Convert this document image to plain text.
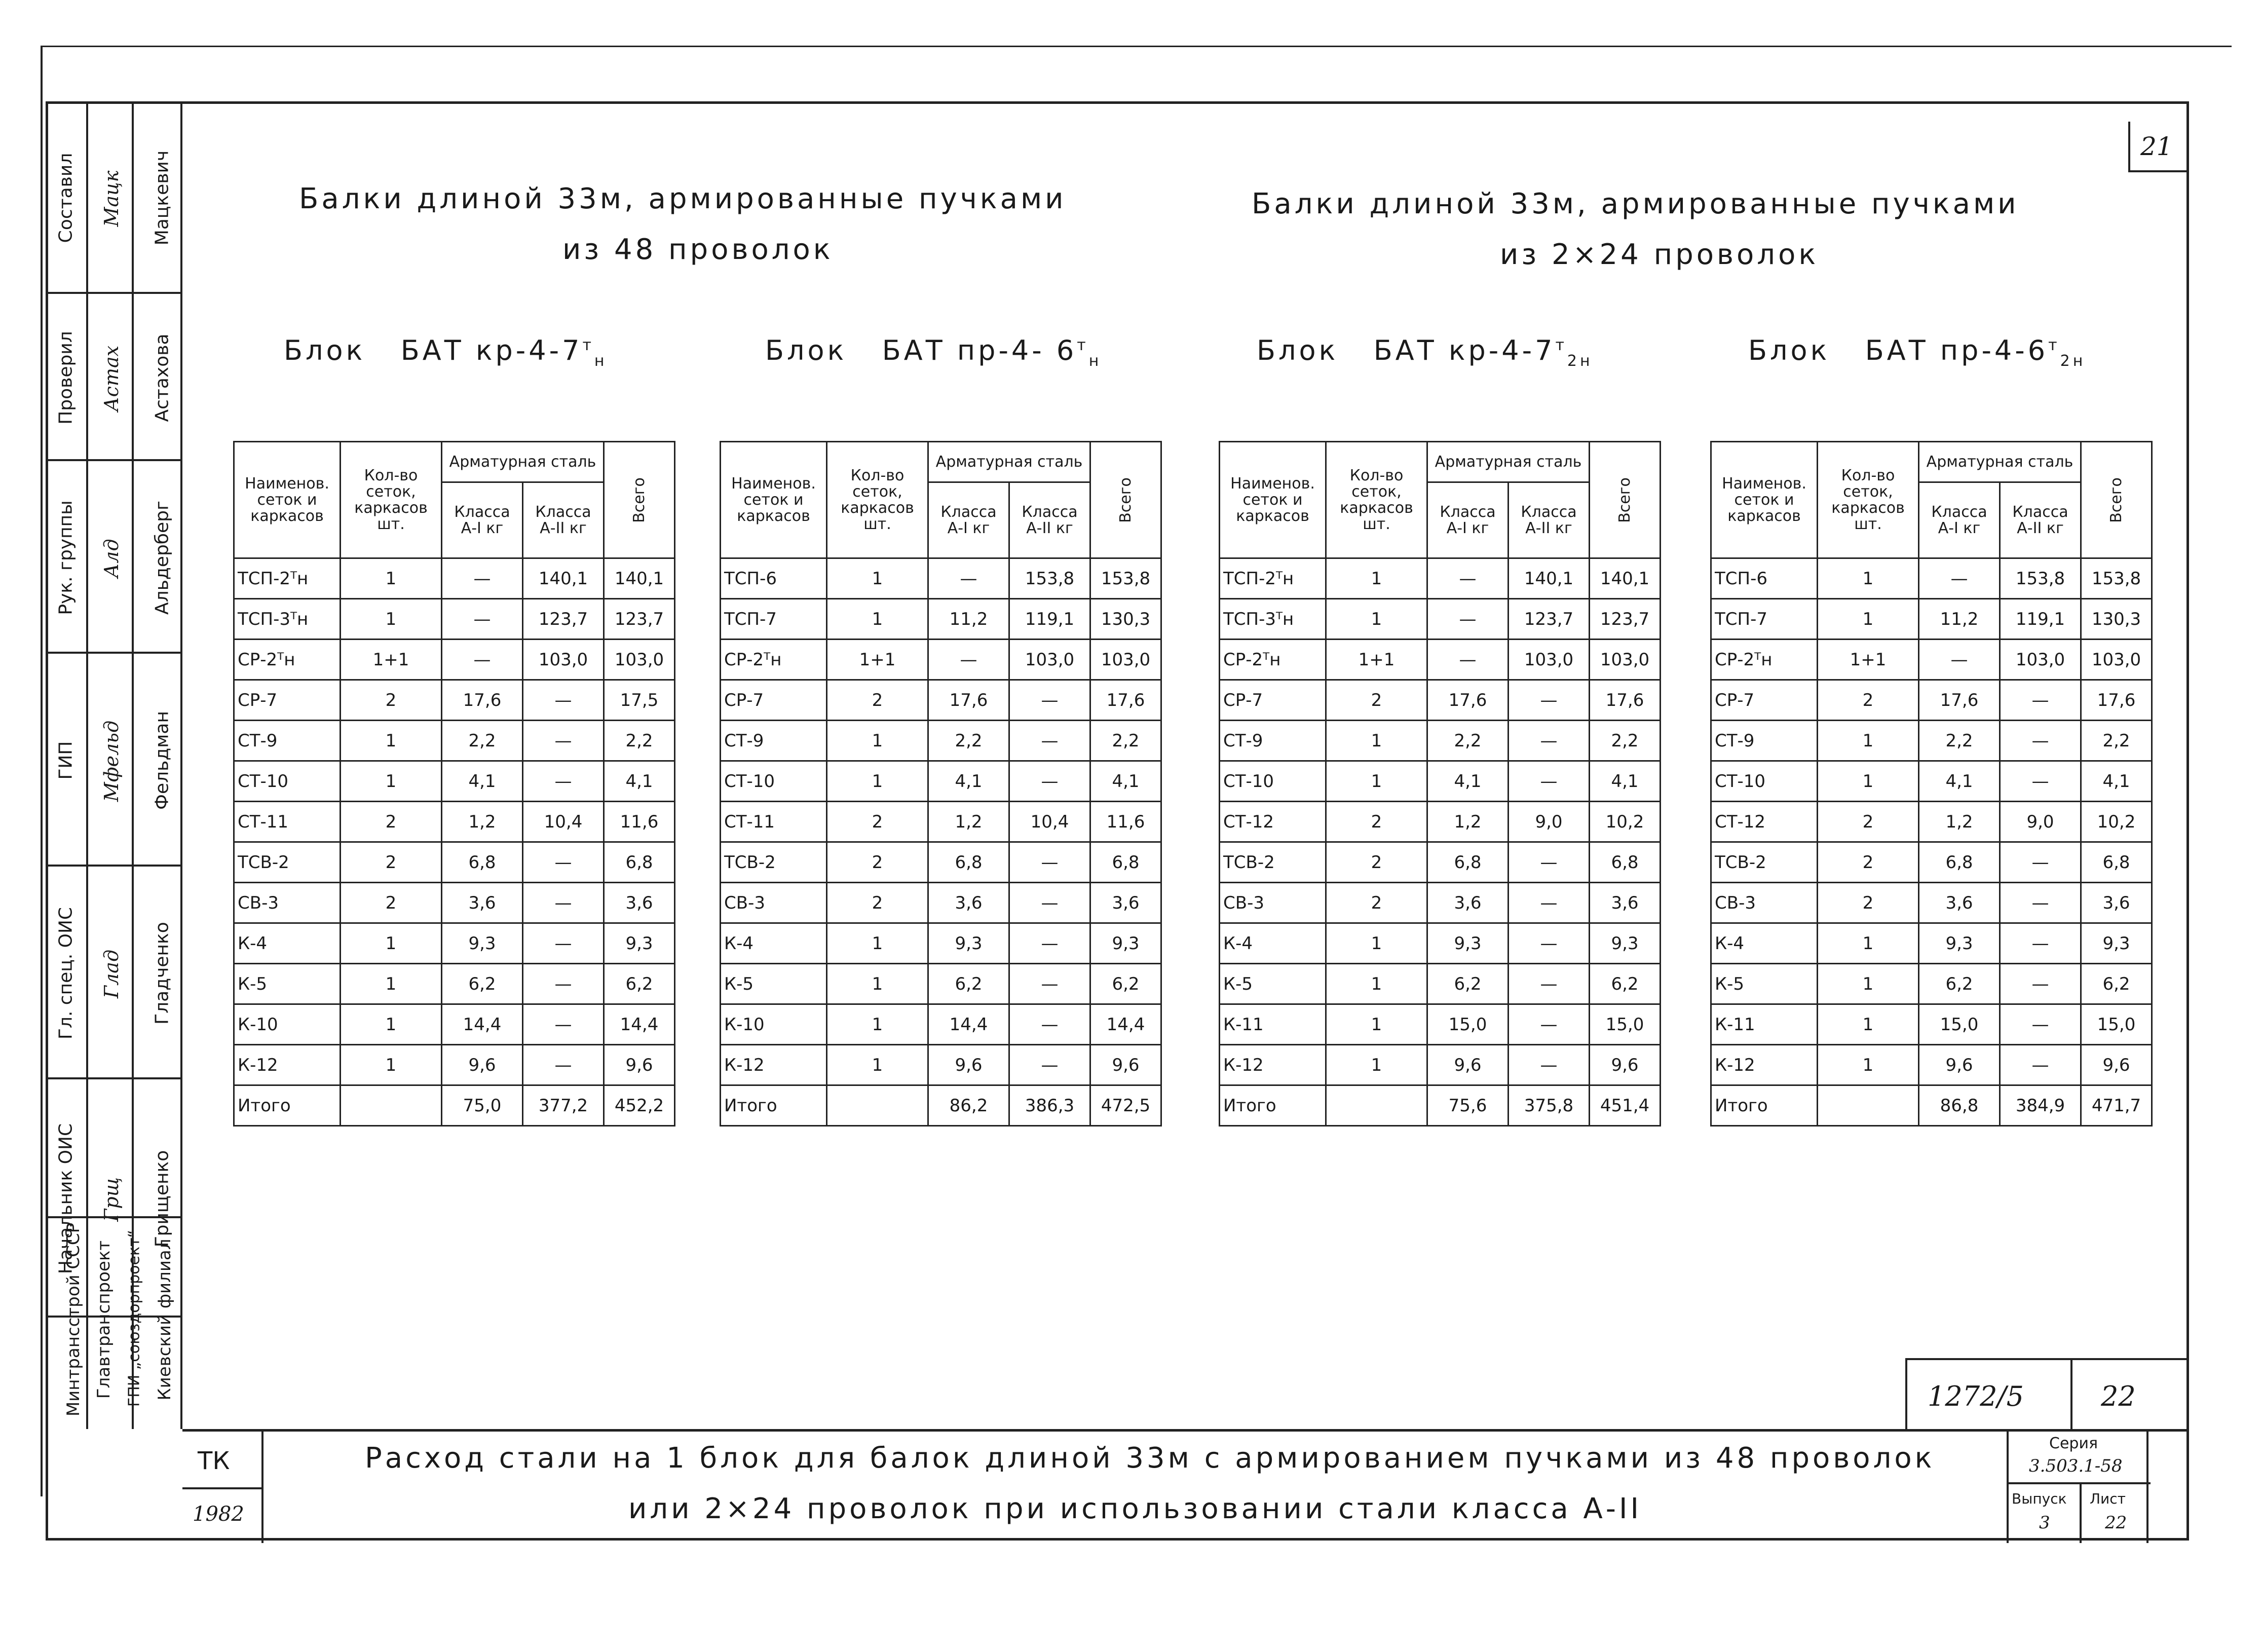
21
Составил Мацк Мацкевич
Проверил Астах Астахова
Рук. группы Алд Альдерберг
ГИП Мфельд Фельдман
Гл. спец. ОИС Глад Гладченко
Начальник ОИС Грщ Грищенко
Минтрансстрой СССР Главтранспроект ГПИ „союздорпроект“ Киевский филиал
Балки длиной 33м, армированные пучками
из 48 проволок
Балки длиной 33м, армированные пучками
из 2×24 проволок
Блок БАТ $кр-4-7^т_н$	Блок БАТ пр-4- $6^т_н$	Блок БАТ $кр-4-7^т_{2н}$	Блок БАТ $пр-4-6^т_{2н}$
Наименов. сеток и каркасов	Кол-во сеток, каркасов шт.	Арматурная сталь		Всего
		Класса А-I кг	Класса А-II кг	
ТСП-2ᵀн	1	—	140,1	140,1
ТСП-3ᵀн	1	—	123,7	123,7
СР-2ᵀн	1+1	—	103,0	103,0
СР-7	2	17,6	—	17,5
СТ-9	1	2,2	—	2,2
СТ-10	1	4,1	—	4,1
СТ-11	2	1,2	10,4	11,6
ТСВ-2	2	6,8	—	6,8
СВ-3	2	3,6	—	3,6
К-4	1	9,3	—	9,3
К-5	1	6,2	—	6,2
К-10	1	14,4	—	14,4
К-12	1	9,6	—	9,6
Итого		75,0	377,2	452,2
Наименов. сеток и каркасов	Кол-во сеток, каркасов шт.	Арматурная сталь		Всего
		Класса А-I кг	Класса А-II кг	
ТСП-6	1	—	153,8	153,8
ТСП-7	1	11,2	119,1	130,3
СР-2ᵀн	1+1	—	103,0	103,0
СР-7	2	17,6	—	17,6
СТ-9	1	2,2	—	2,2
СТ-10	1	4,1	—	4,1
СТ-11	2	1,2	10,4	11,6
ТСВ-2	2	6,8	—	6,8
СВ-3	2	3,6	—	3,6
К-4	1	9,3	—	9,3
К-5	1	6,2	—	6,2
К-10	1	14,4	—	14,4
К-12	1	9,6	—	9,6
Итого		86,2	386,3	472,5
Наименов. сеток и каркасов	Кол-во сеток, каркасов шт.	Арматурная сталь		Всего
		Класса А-I кг	Класса А-II кг	
ТСП-2ᵀн	1	—	140,1	140,1
ТСП-3ᵀн	1	—	123,7	123,7
СР-2ᵀн	1+1	—	103,0	103,0
СР-7	2	17,6	—	17,6
СТ-9	1	2,2	—	2,2
СТ-10	1	4,1	—	4,1
СТ-12	2	1,2	9,0	10,2
ТСВ-2	2	6,8	—	6,8
СВ-3	2	3,6	—	3,6
К-4	1	9,3	—	9,3
К-5	1	6,2	—	6,2
К-11	1	15,0	—	15,0
К-12	1	9,6	—	9,6
Итого		75,6	375,8	451,4
Наименов. сеток и каркасов	Кол-во сеток, каркасов шт.	Арматурная сталь		Всего
		Класса А-I кг	Класса А-II кг	
ТСП-6	1	—	153,8	153,8
ТСП-7	1	11,2	119,1	130,3
СР-2ᵀн	1+1	—	103,0	103,0
СР-7	2	17,6	—	17,6
СТ-9	1	2,2	—	2,2
СТ-10	1	4,1	—	4,1
СТ-12	2	1,2	9,0	10,2
ТСВ-2	2	6,8	—	6,8
СВ-3	2	3,6	—	3,6
К-4	1	9,3	—	9,3
К-5	1	6,2	—	6,2
К-11	1	15,0	—	15,0
К-12	1	9,6	—	9,6
Итого		86,8	384,9	471,7
1272/5	22
ТК
1982
Расход стали на 1 блок для балок длиной 33м с армированием пучками из 48 проволок
или 2×24 проволок при использовании стали класса А-II
Серия
3.503.1-58
Выпуск
3
Лист
22
